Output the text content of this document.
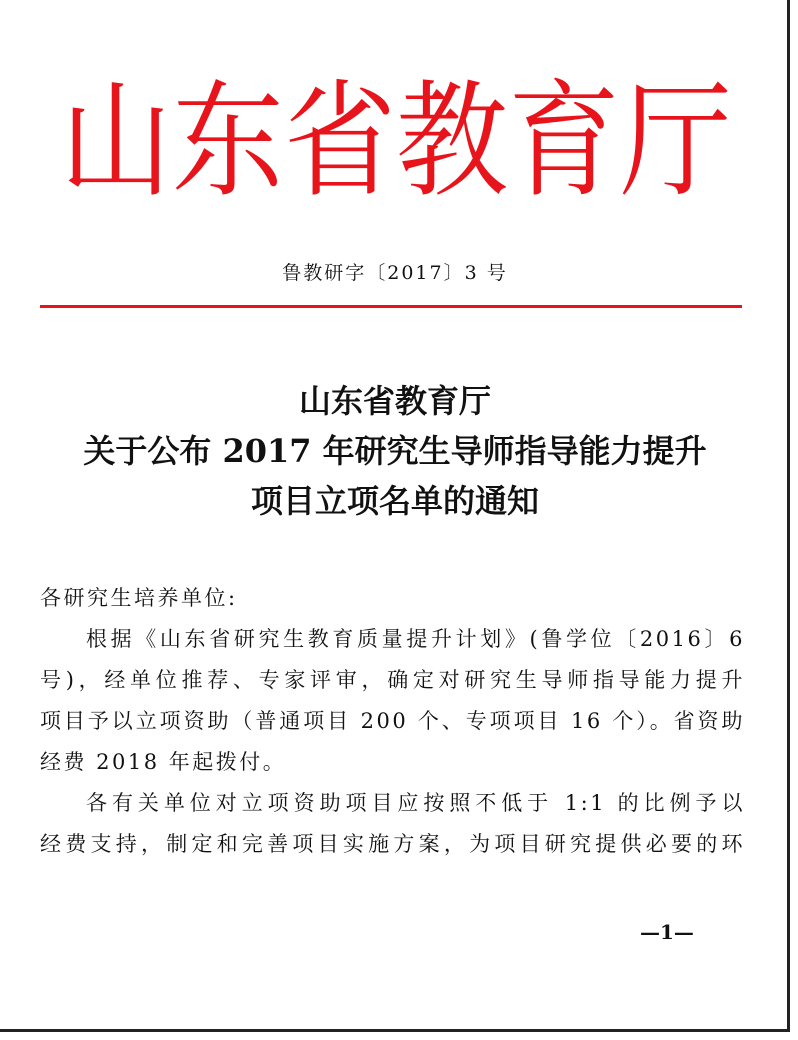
山 东 省 教 育 厅
鲁教研字〔2017〕3 号
山东省教育厅
关于公布 2017 年研究生导师指导能力提升
项目立项名单的通知
各研究生培养单位:
根据《山东省研究生教育质量提升计划》(鲁学位〔2016〕6
号)，经单位推荐、专家评审，确定对研究生导师指导能力提升
项目予以立项资助（普通项目 200 个、专项项目 16 个）。省资助
经费 2018 年起拨付。
各有关单位对立项资助项目应按照不低于 1:1 的比例予以
经费支持，制定和完善项目实施方案，为项目研究提供必要的环
—1—
